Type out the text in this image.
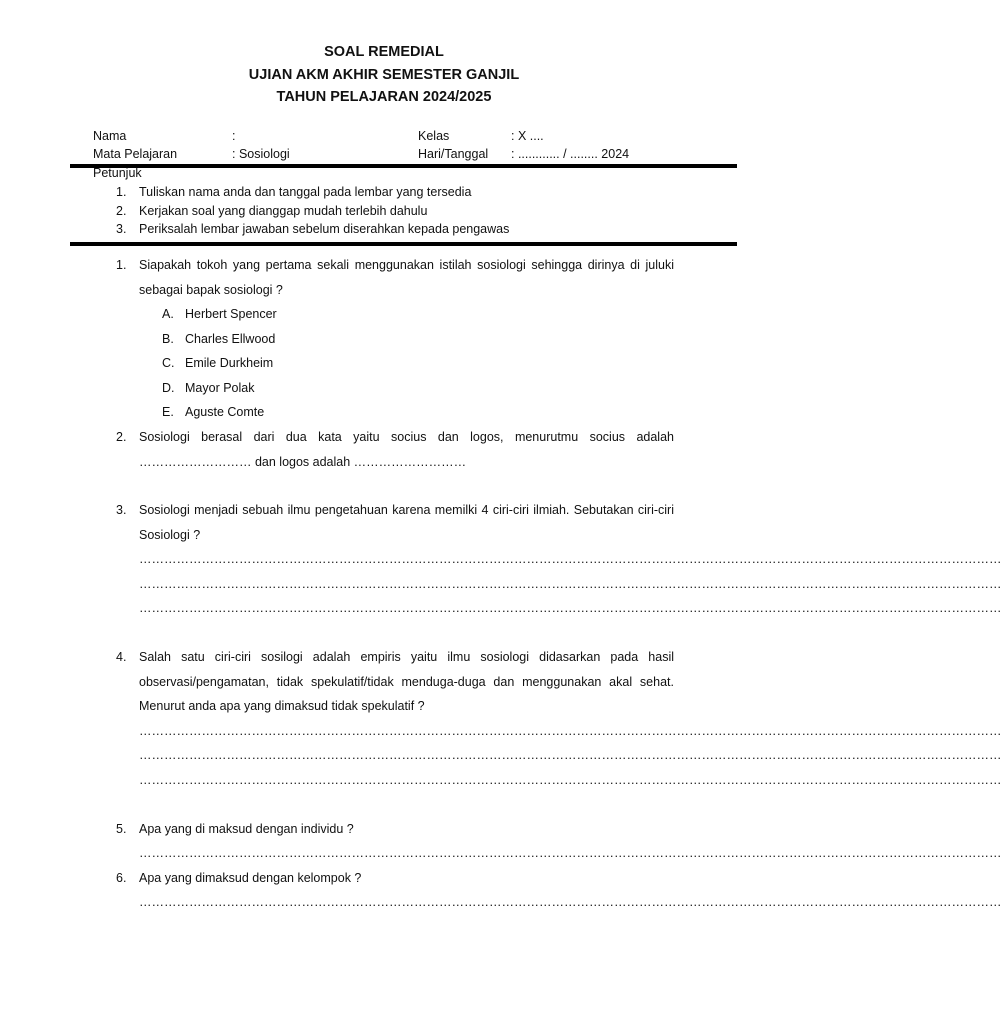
SOAL REMEDIAL
UJIAN AKM AKHIR SEMESTER GANJIL
TAHUN PELAJARAN 2024/2025
Nama	:	Kelas	: X ....
Mata Pelajaran	: Sosiologi	Hari/Tanggal : ............ / ........ 2024
Petunjuk
1. Tuliskan nama anda dan tanggal pada lembar yang tersedia
2. Kerjakan soal yang dianggap mudah terlebih dahulu
3. Periksalah lembar jawaban sebelum diserahkan kepada pengawas
1. Siapakah tokoh yang pertama sekali menggunakan istilah sosiologi sehingga dirinya di juluki sebagai bapak sosiologi ?
A. Herbert Spencer
B. Charles Ellwood
C. Emile Durkheim
D. Mayor Polak
E. Aguste Comte
2. Sosiologi berasal dari dua kata yaitu socius dan logos, menurutmu socius adalah ……………………… dan logos adalah ………………………
3. Sosiologi menjadi sebuah ilmu pengetahuan karena memilki 4 ciri-ciri ilmiah. Sebutakan ciri-ciri Sosiologi ?
………………………………………………………………………………………………………………………………………………………………………………………
………………………………………………………………………………………………………………………………………………………………………………………
………………………………………………………………………………………………………………………………………………………………………………………
4. Salah satu ciri-ciri sosilogi adalah empiris yaitu ilmu sosiologi didasarkan pada hasil observasi/pengamatan, tidak spekulatif/tidak menduga-duga dan menggunakan akal sehat. Menurut anda apa yang dimaksud tidak spekulatif ?
………………………………………………………………………………………………………………………………………………………………………………………
………………………………………………………………………………………………………………………………………………………………………………………
………………………………………………………………………………………………………………………………………………………………………………………
5. Apa yang di maksud dengan individu ?
………………………………………………………………………………………………………………………………………………………………………………………
6. Apa yang dimaksud dengan kelompok ?
………………………………………………………………………………………………………………………………………………………………………………………
